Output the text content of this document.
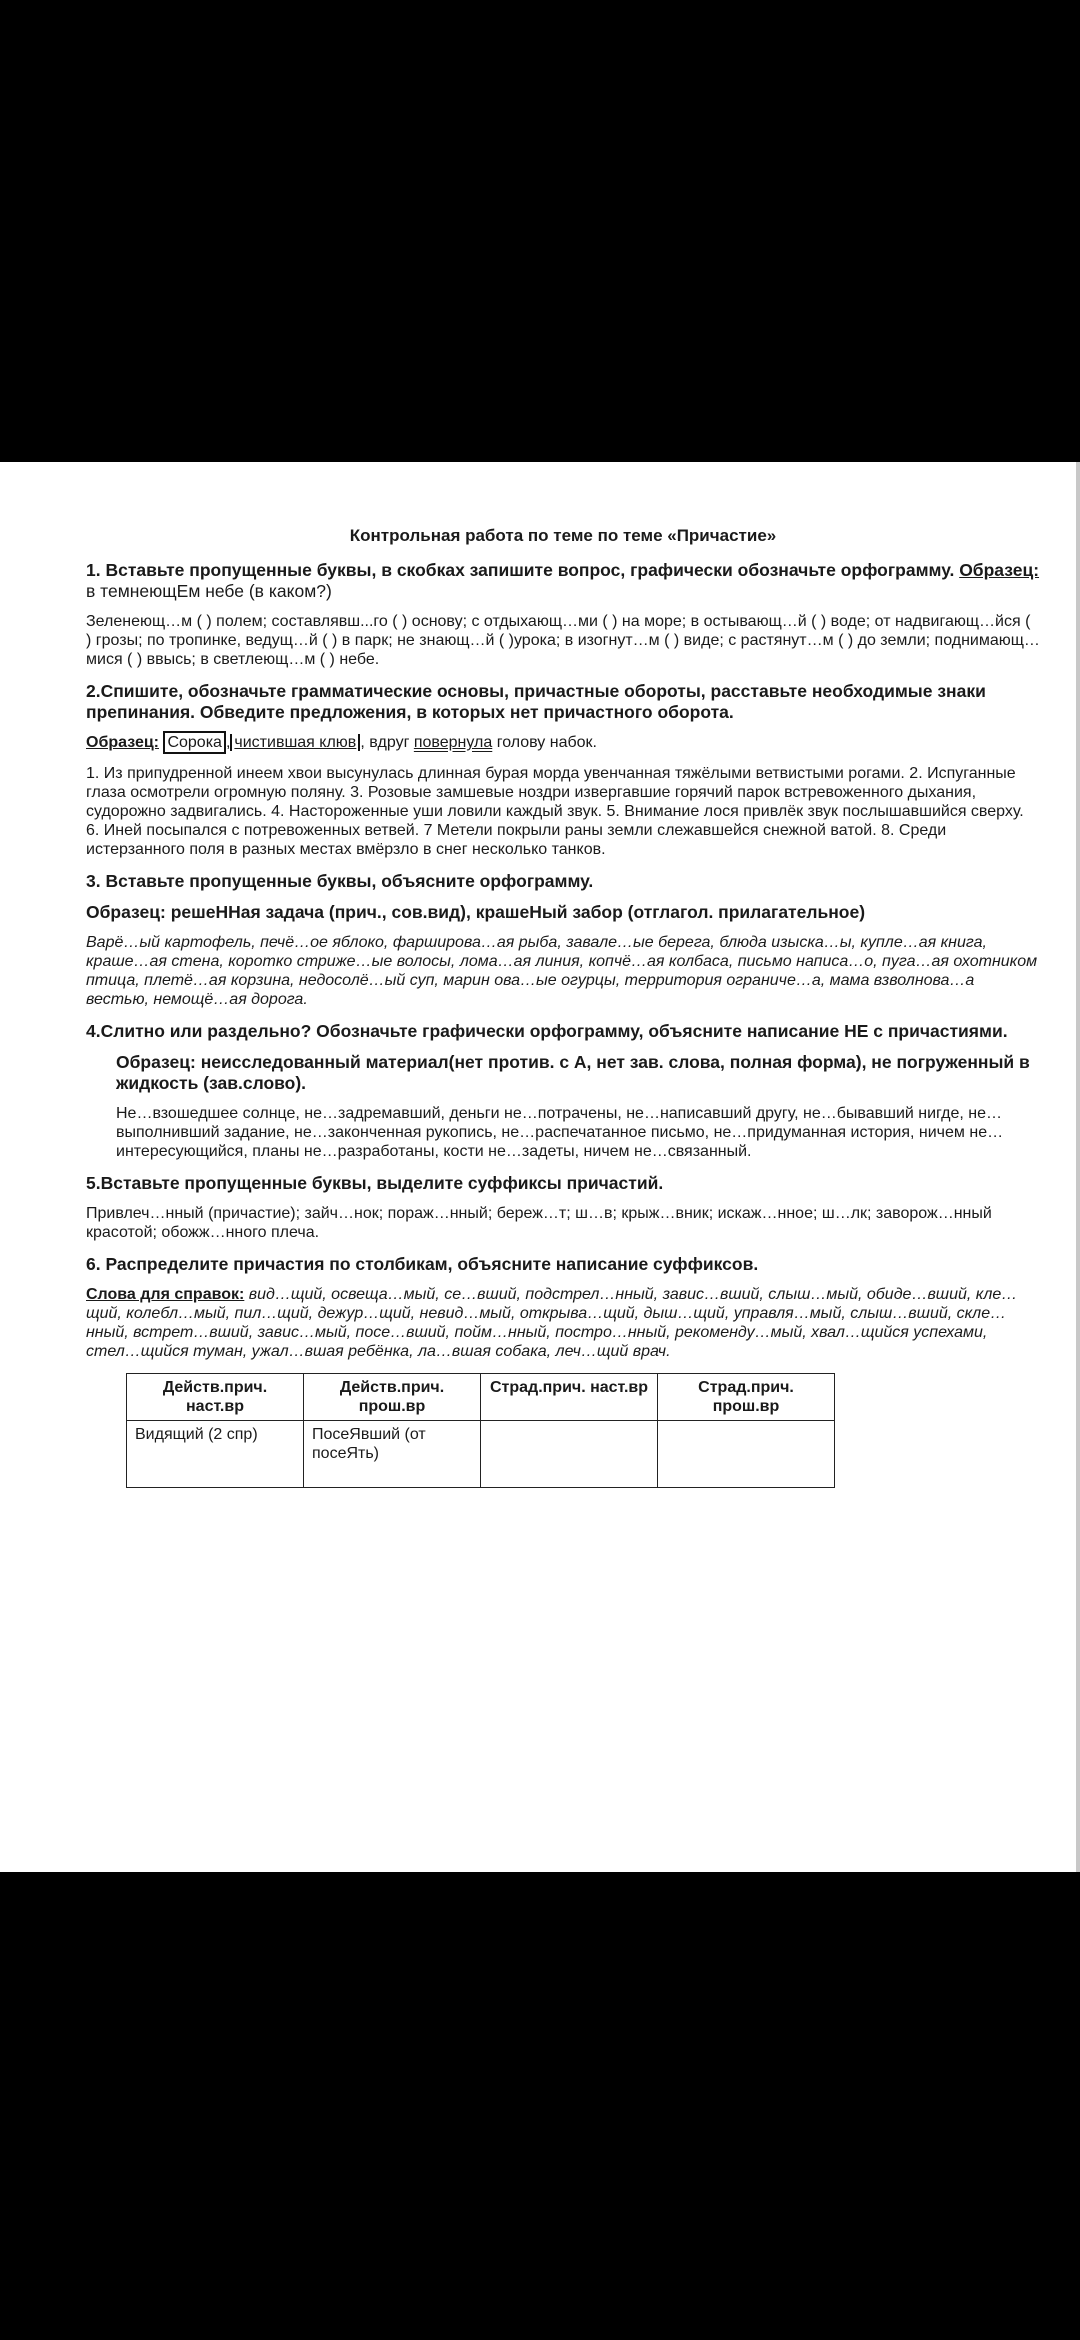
Контрольная работа по теме по теме «Причастие»
1. Вставьте пропущенные буквы, в скобках запишите вопрос, графически обозначьте орфограмму. Образец: в темнеющЕм небе (в каком?)
Зеленеющ…м ( ) полем; составлявш...го ( ) основу; с отдыхающ…ми ( ) на море; в остывающ…й ( ) воде; от надвигающ…йся ( ) грозы; по тропинке, ведущ…й ( ) в парк; не знающ…й ( )урока; в изогнут…м ( ) виде; с растянут…м ( ) до земли; поднимающ…мися ( ) ввысь; в светлеющ…м ( ) небе.
2.Спишите, обозначьте грамматические основы, причастные обороты, расставьте необходимые знаки препинания. Обведите предложения, в которых нет причастного оборота.
Образец: Сорока , чистившая клюв , вдруг повернула голову набок.
1. Из припудренной инеем хвои высунулась длинная бурая морда увенчанная тяжёлыми ветвистыми рогами. 2. Испуганные глаза осмотрели огромную поляну. 3. Розовые замшевые ноздри извергавшие горячий парок встревоженного дыхания, судорожно задвигались. 4. Настороженные уши ловили каждый звук. 5. Внимание лося привлёк звук послышавшийся сверху. 6. Иней посыпался с потревоженных ветвей. 7 Метели покрыли раны земли слежавшейся снежной ватой. 8. Среди истерзанного поля в разных местах вмёрзло в снег несколько танков.
3. Вставьте пропущенные буквы, объясните орфограмму.
Образец: решеННая задача (прич., сов.вид), крашеНый забор (отглагол. прилагательное)
Варё…ый картофель, печё…ое яблоко, фарширова…ая рыба, завале…ые берега, блюда изыска…ы, купле…ая книга, краше…ая стена, коротко стриже…ые волосы, лома…ая линия, копчё…ая колбаса, письмо написа…о, пуга…ая охотником птица, плетё…ая корзина, недосолё…ый суп, марин ова…ые огурцы, территория ограниче…а, мама взволнова…а вестью, немощё…ая дорога.
4.Слитно или раздельно? Обозначьте графически орфограмму, объясните написание НЕ с причастиями.
Образец: неисследованный материал(нет против. с А, нет зав. слова, полная форма), не погруженный в жидкость (зав.слово).
Не…взошедшее солнце, не…задремавший, деньги не…потрачены, не…написавший другу, не…бывавший нигде, не…выполнивший задание, не…законченная рукопись, не…распечатанное письмо, не…придуманная история, ничем не…интересующийся, планы не…разработаны, кости не…задеты, ничем не…связанный.
5.Вставьте пропущенные буквы, выделите суффиксы причастий.
Привлеч…нный (причастие); зайч…нок; пораж…нный; береж…т; ш…в; крыж…вник; искаж…нное; ш…лк; заворож…нный красотой; обожж…нного плеча.
6. Распределите причастия по столбикам, объясните написание суффиксов.
Слова для справок: вид…щий, освеща…мый, се…вший, подстрел…нный, завис…вший, слыш…мый, обиде…вший, кле…щий, колебл…мый, пил…щий, дежур…щий, невид…мый, открыва…щий, дыш…щий, управля…мый, слыш…вший, скле…нный, встрет…вший, завис…мый, посе…вший, пойм…нный, постро…нный, рекоменду…мый, хвал…щийся успехами, стел…щийся туман, ужал…вшая ребёнка, ла…вшая собака, леч…щий врач.
Действ.прич. наст.вр	Действ.прич. прош.вр	Страд.прич. наст.вр	Страд.прич. прош.вр
Видящий (2 спр)	ПосеЯвший (от посеЯть)		
